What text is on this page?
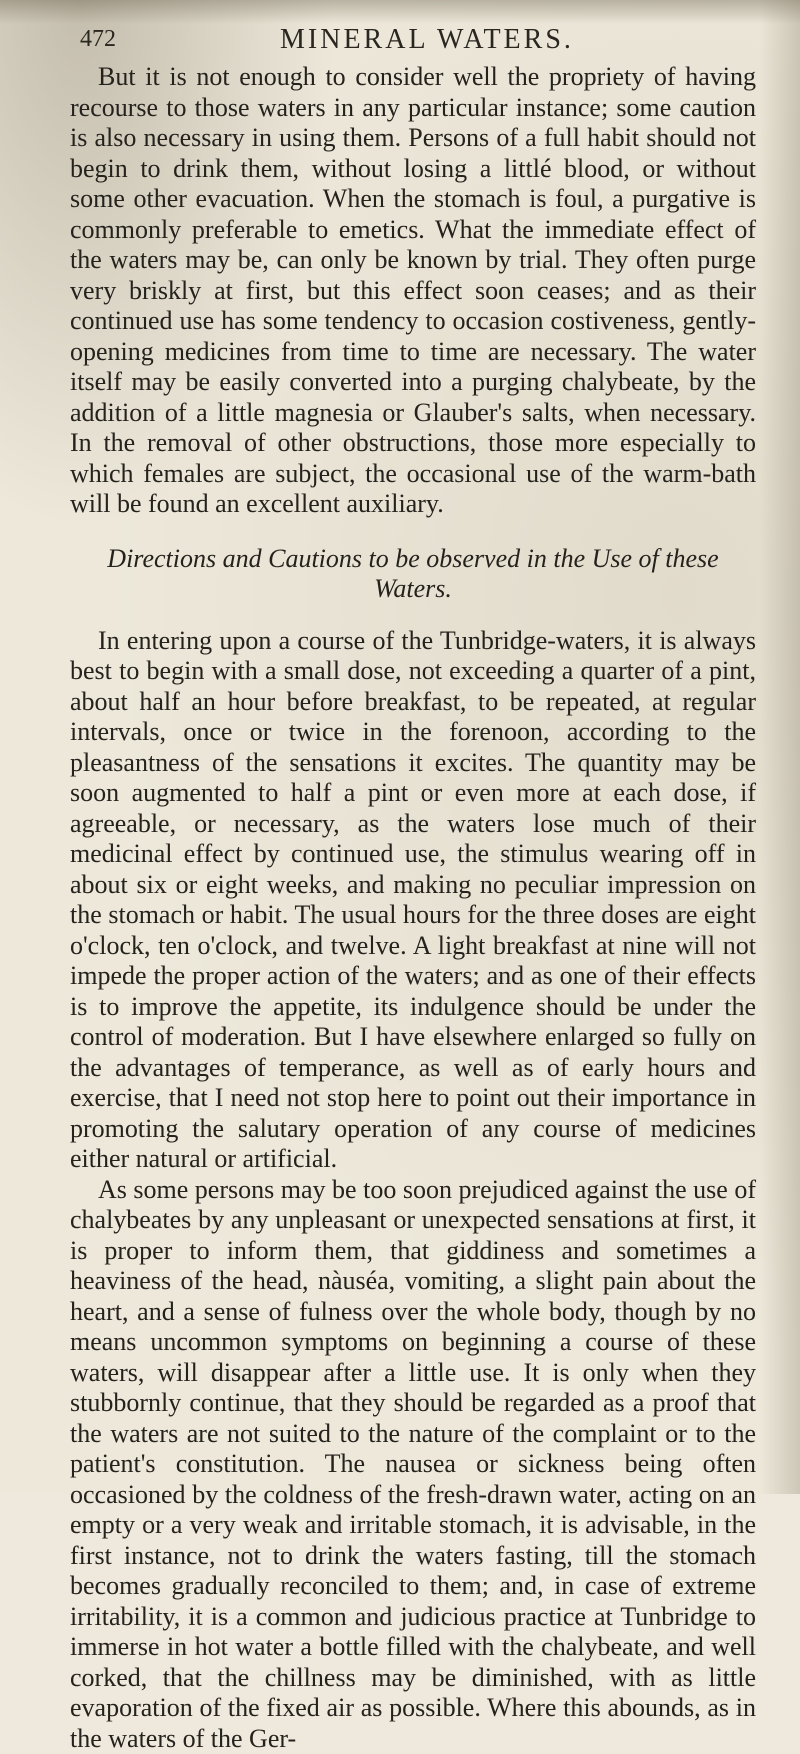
472	MINERAL WATERS.

But it is not enough to consider well the propriety of having recourse to those waters in any particular instance; some caution is also necessary in using them. Persons of a full habit should not begin to drink them, without losing a littlé blood, or without some other evacuation. When the stomach is foul, a purgative is commonly preferable to emetics. What the immediate effect of the waters may be, can only be known by trial. They often purge very briskly at first, but this effect soon ceases; and as their continued use has some tendency to occasion costiveness, gently-opening medicines from time to time are necessary. The water itself may be easily converted into a purging chalybeate, by the addition of a little magnesia or Glauber's salts, when necessary. In the removal of other obstructions, those more especially to which females are subject, the occasional use of the warm-bath will be found an excellent auxiliary.

Directions and Cautions to be observed in the Use of these Waters.

In entering upon a course of the Tunbridge-waters, it is always best to begin with a small dose, not exceeding a quarter of a pint, about half an hour before breakfast, to be repeated, at regular intervals, once or twice in the forenoon, according to the pleasantness of the sensations it excites. The quantity may be soon augmented to half a pint or even more at each dose, if agreeable, or necessary, as the waters lose much of their medicinal effect by continued use, the stimulus wearing off in about six or eight weeks, and making no peculiar impression on the stomach or habit. The usual hours for the three doses are eight o'clock, ten o'clock, and twelve. A light breakfast at nine will not impede the proper action of the waters; and as one of their effects is to improve the appetite, its indulgence should be under the control of moderation. But I have elsewhere enlarged so fully on the advantages of temperance, as well as of early hours and exercise, that I need not stop here to point out their importance in promoting the salutary operation of any course of medicines either natural or artificial.

As some persons may be too soon prejudiced against the use of chalybeates by any unpleasant or unexpected sensations at first, it is proper to inform them, that giddiness and sometimes a heaviness of the head, nàuséa, vomiting, a slight pain about the heart, and a sense of fulness over the whole body, though by no means uncommon symptoms on beginning a course of these waters, will disappear after a little use. It is only when they stubbornly continue, that they should be regarded as a proof that the waters are not suited to the nature of the complaint or to the patient's constitution. The nausea or sickness being often occasioned by the coldness of the fresh-drawn water, acting on an empty or a very weak and irritable stomach, it is advisable, in the first instance, not to drink the waters fasting, till the stomach becomes gradually reconciled to them; and, in case of extreme irritability, it is a common and judicious practice at Tunbridge to immerse in hot water a bottle filled with the chalybeate, and well corked, that the chillness may be diminished, with as little evaporation of the fixed air as possible. Where this abounds, as in the waters of the Ger-
